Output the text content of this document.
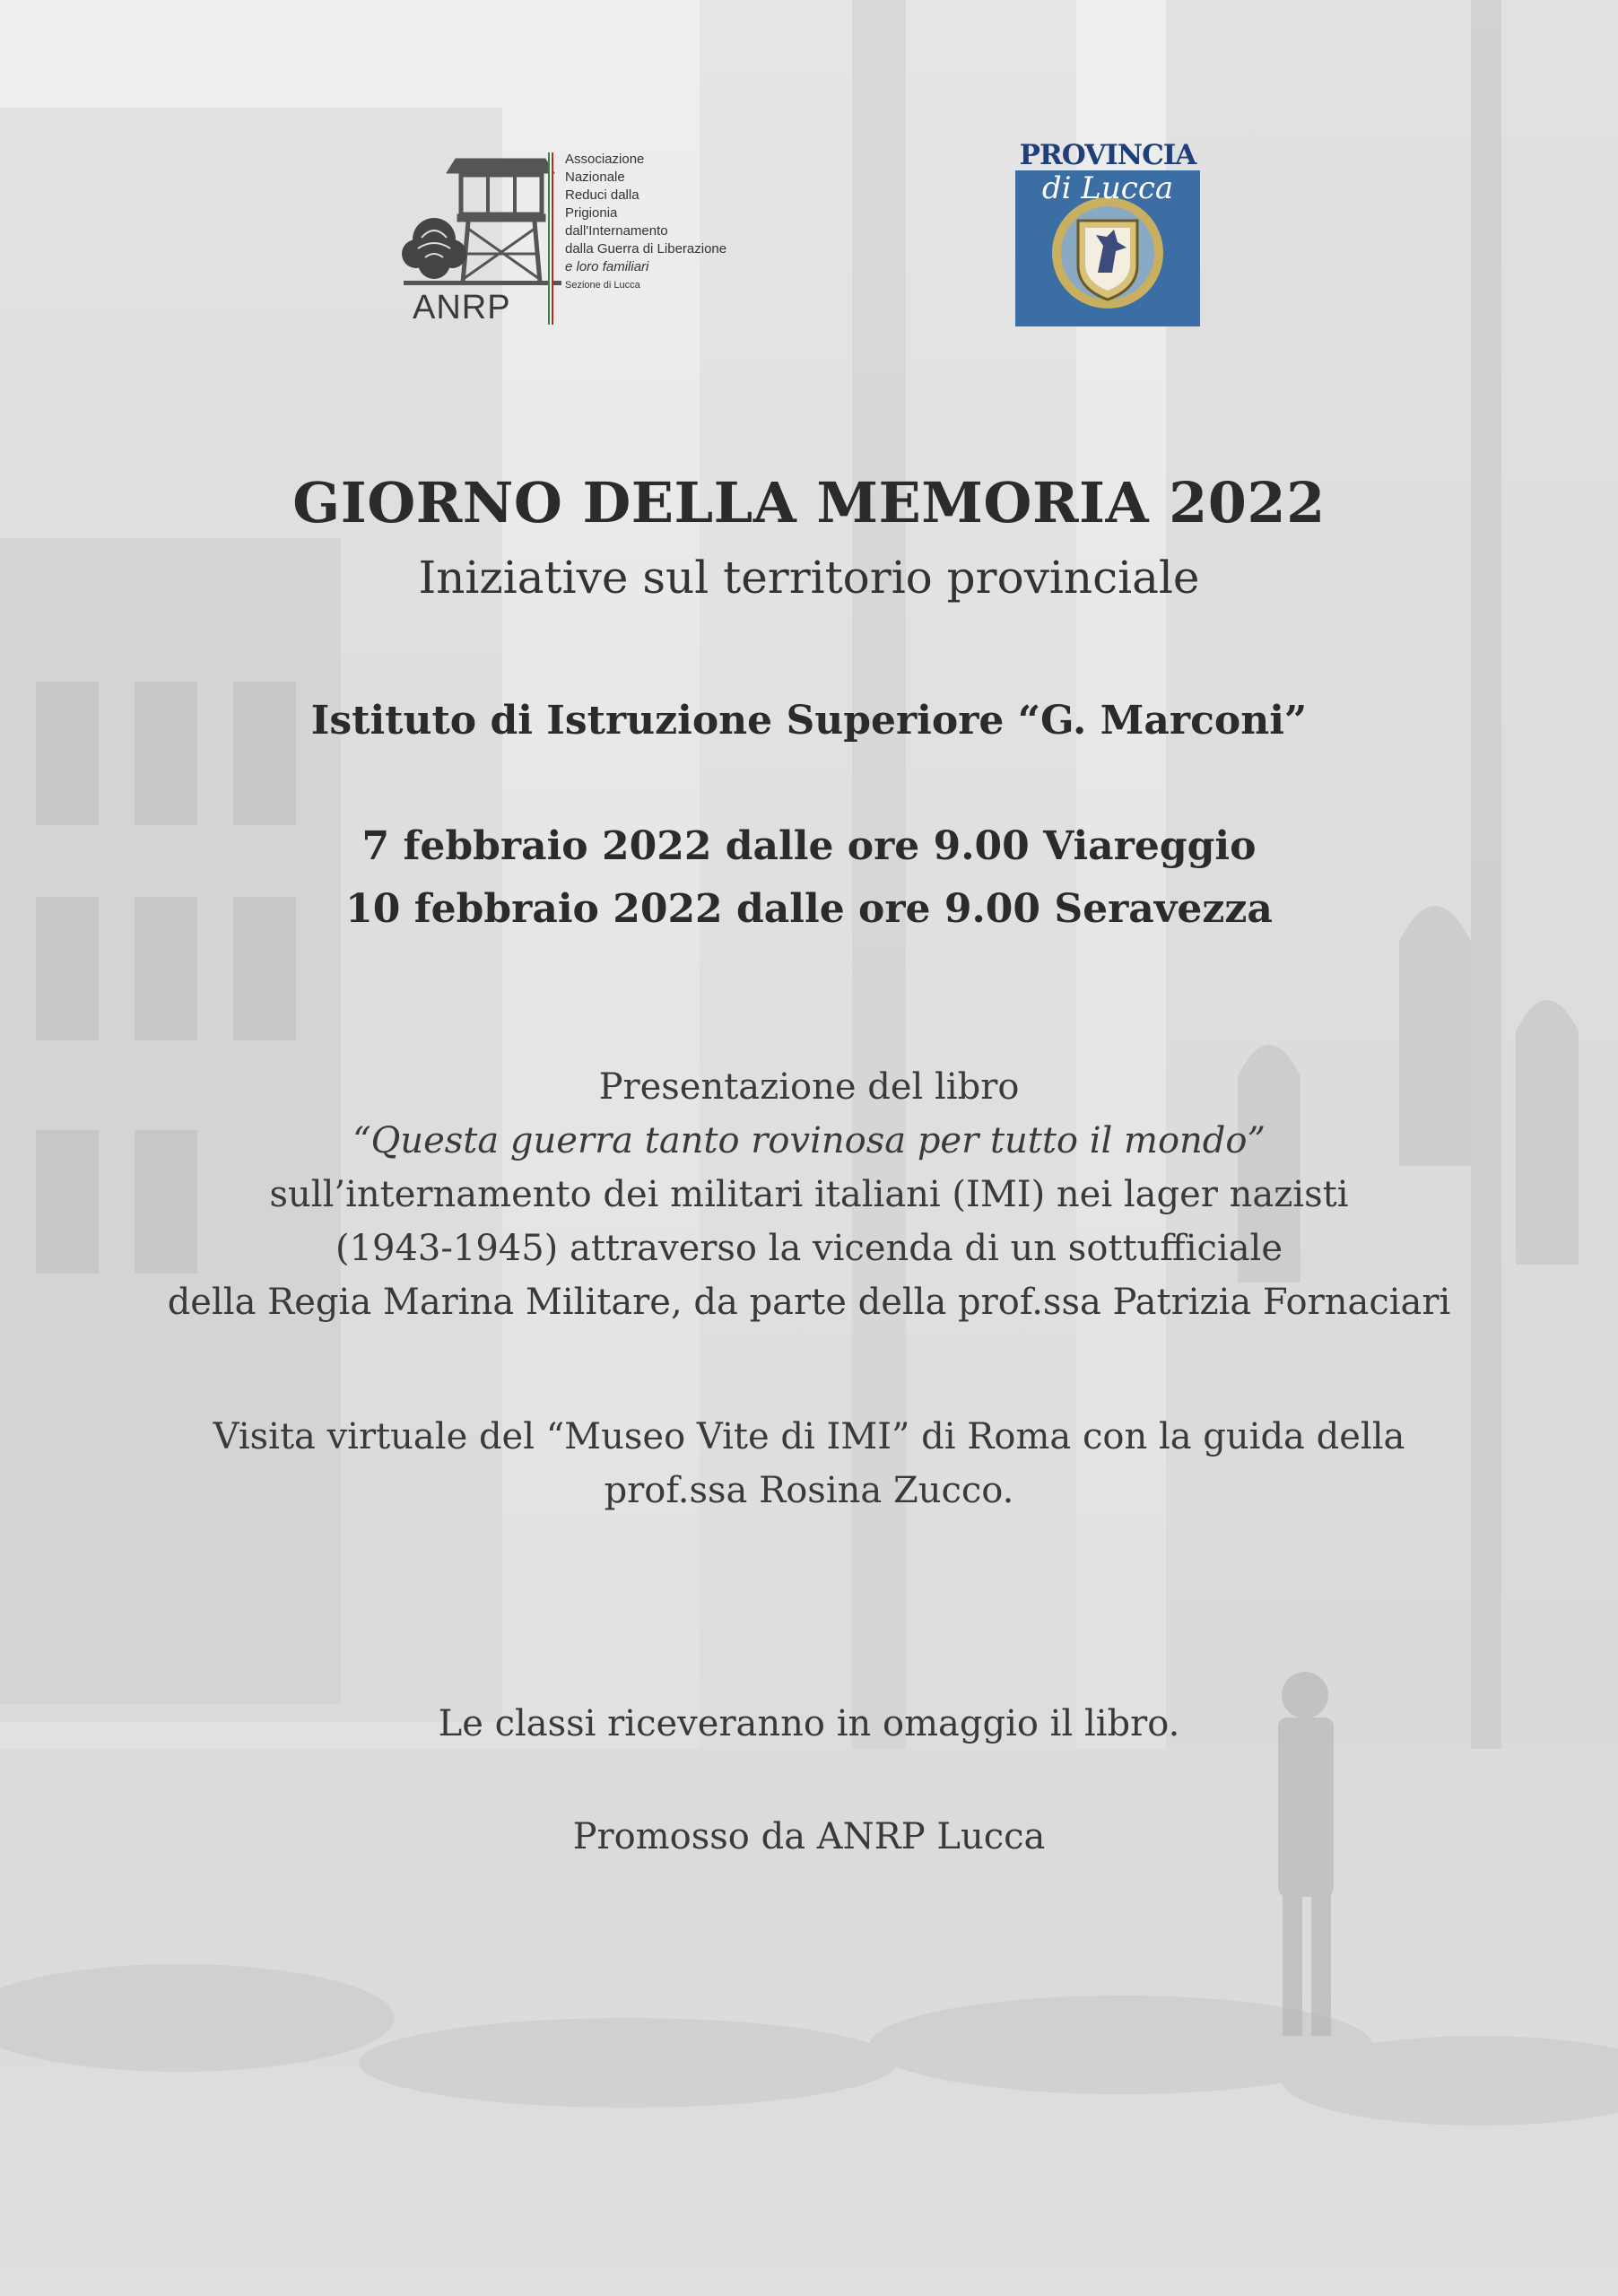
ANRP
Associazione
Nazionale
Reduci dalla
Prigionia
dall'Internamento
dalla Guerra di Liberazione
e loro familiari
Sezione di Lucca
PROVINCIA
di Lucca
GIORNO DELLA MEMORIA 2022
Iniziative sul territorio provinciale
Istituto di Istruzione Superiore “G. Marconi”
7 febbraio 2022 dalle ore 9.00 Viareggio
10 febbraio 2022 dalle ore 9.00 Seravezza
Presentazione del libro
“Questa guerra tanto rovinosa per tutto il mondo”
sull’internamento dei militari italiani (IMI) nei lager nazisti
(1943-1945) attraverso la vicenda di un sottufficiale
della Regia Marina Militare, da parte della prof.ssa Patrizia Fornaciari
Visita virtuale del “Museo Vite di IMI” di Roma con la guida della
prof.ssa Rosina Zucco.
Le classi riceveranno in omaggio il libro.
Promosso da ANRP Lucca
